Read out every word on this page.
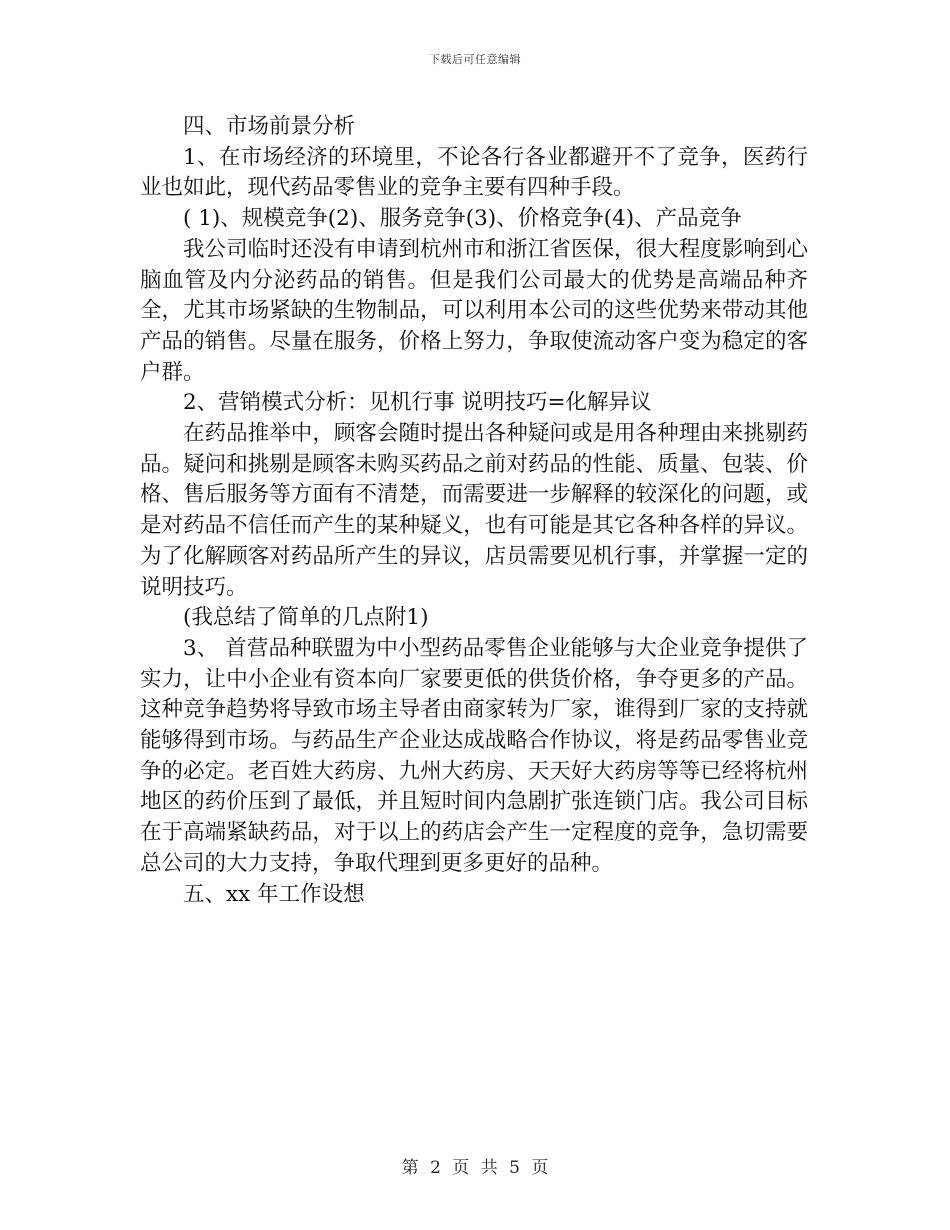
下载后可任意编辑

四、市场前景分析

1、在市场经济的环境里，不论各行各业都避开不了竞争，医药行业也如此，现代药品零售业的竞争主要有四种手段。

( 1)、规模竞争(2)、服务竞争(3)、价格竞争(4)、产品竞争

我公司临时还没有申请到杭州市和浙江省医保，很大程度影响到心脑血管及内分泌药品的销售。但是我们公司最大的优势是高端品种齐全，尤其市场紧缺的生物制品，可以利用本公司的这些优势来带动其他产品的销售。尽量在服务，价格上努力，争取使流动客户变为稳定的客户群。

2、营销模式分析：见机行事 说明技巧=化解异议

在药品推举中，顾客会随时提出各种疑问或是用各种理由来挑剔药品。疑问和挑剔是顾客未购买药品之前对药品的性能、质量、包装、价格、售后服务等方面有不清楚，而需要进一步解释的较深化的问题，或是对药品不信任而产生的某种疑义，也有可能是其它各种各样的异议。为了化解顾客对药品所产生的异议，店员需要见机行事，并掌握一定的说明技巧。

(我总结了简单的几点附1)

3、 首营品种联盟为中小型药品零售企业能够与大企业竞争提供了实力，让中小企业有资本向厂家要更低的供货价格，争夺更多的产品。这种竞争趋势将导致市场主导者由商家转为厂家，谁得到厂家的支持就能够得到市场。与药品生产企业达成战略合作协议，将是药品零售业竞争的必定。老百姓大药房、九州大药房、天天好大药房等等已经将杭州地区的药价压到了最低，并且短时间内急剧扩张连锁门店。我公司目标在于高端紧缺药品，对于以上的药店会产生一定程度的竞争，急切需要总公司的大力支持，争取代理到更多更好的品种。

五、xx 年工作设想

第 2 页 共 5 页
